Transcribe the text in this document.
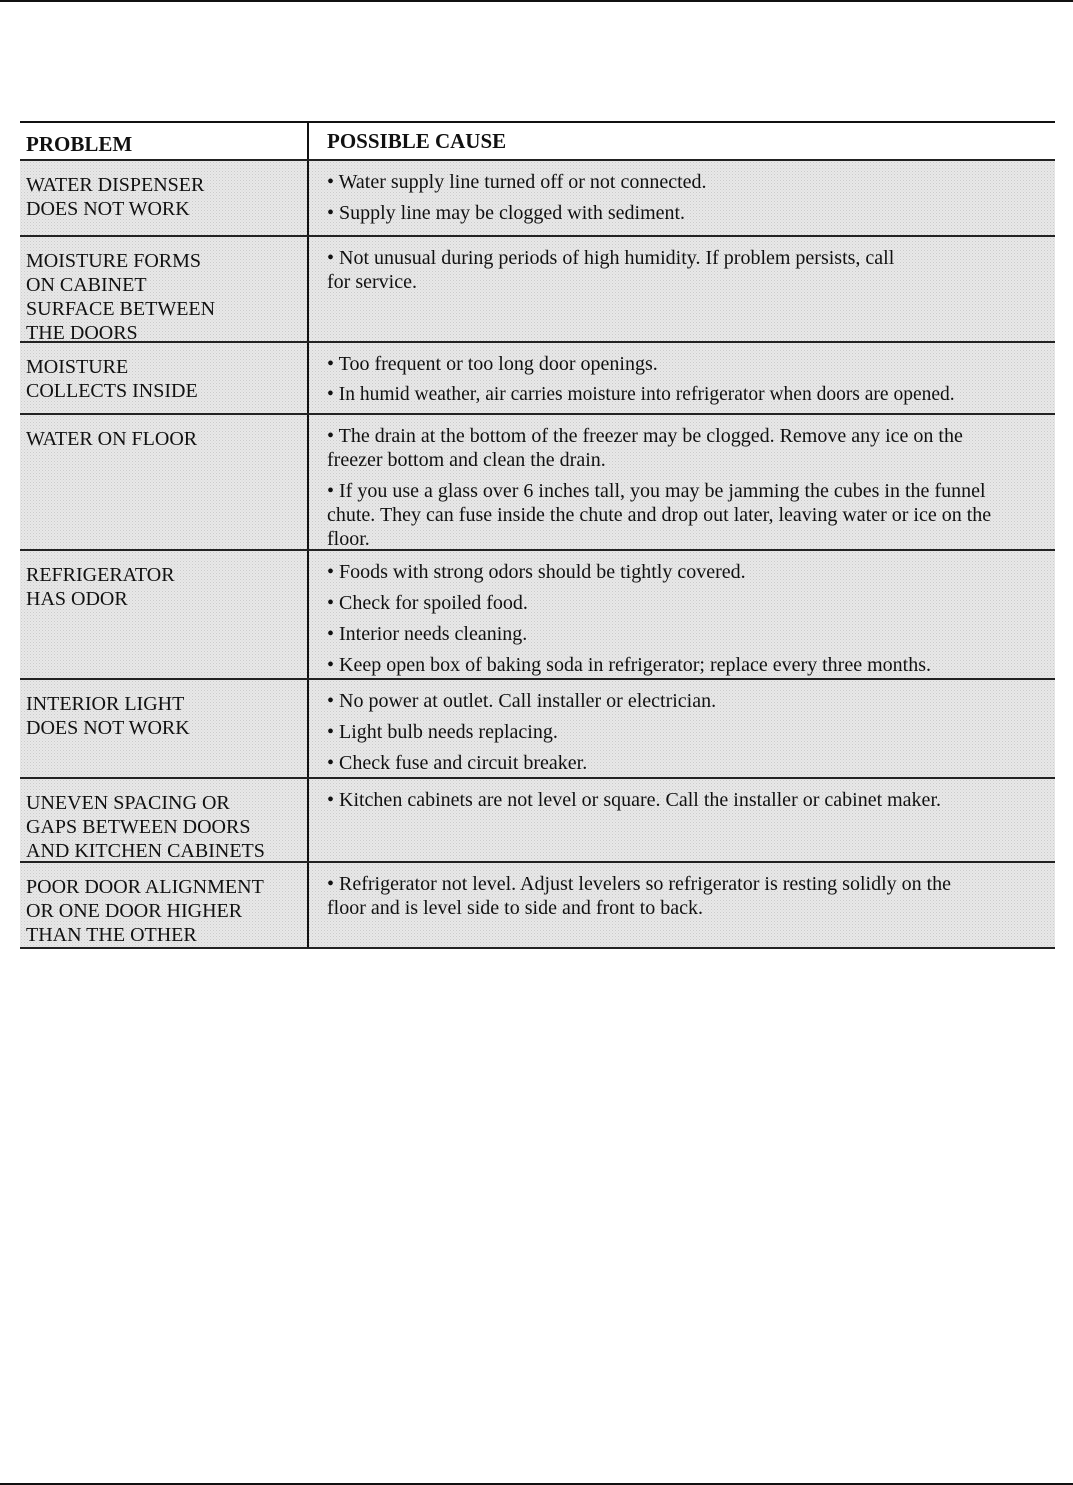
PROBLEM	POSSIBLE CAUSE
WATER DISPENSER
DOES NOT WORK
• Water supply line turned off or not connected.
• Supply line may be clogged with sediment.
MOISTURE FORMS
ON CABINET
SURFACE BETWEEN
THE DOORS
• Not unusual during periods of high humidity. If problem persists, call for service.
MOISTURE
COLLECTS INSIDE
• Too frequent or too long door openings.
• In humid weather, air carries moisture into refrigerator when doors are opened.
WATER ON FLOOR	• The drain at the bottom of the freezer may be clogged. Remove any ice on the freezer bottom and clean the drain.
• If you use a glass over 6 inches tall, you may be jamming the cubes in the funnel chute. They can fuse inside the chute and drop out later, leaving water or ice on the floor.
REFRIGERATOR
HAS ODOR
• Foods with strong odors should be tightly covered.
• Check for spoiled food.
• Interior needs cleaning.
• Keep open box of baking soda in refrigerator; replace every three months.
INTERIOR LIGHT
DOES NOT WORK
• No power at outlet. Call installer or electrician.
• Light bulb needs replacing.
• Check fuse and circuit breaker.
UNEVEN SPACING OR
GAPS BETWEEN DOORS
AND KITCHEN CABINETS
• Kitchen cabinets are not level or square. Call the installer or cabinet maker.
POOR DOOR ALIGNMENT
OR ONE DOOR HIGHER
THAN THE OTHER
• Refrigerator not level. Adjust levelers so refrigerator is resting solidly on the floor and is level side to side and front to back.
